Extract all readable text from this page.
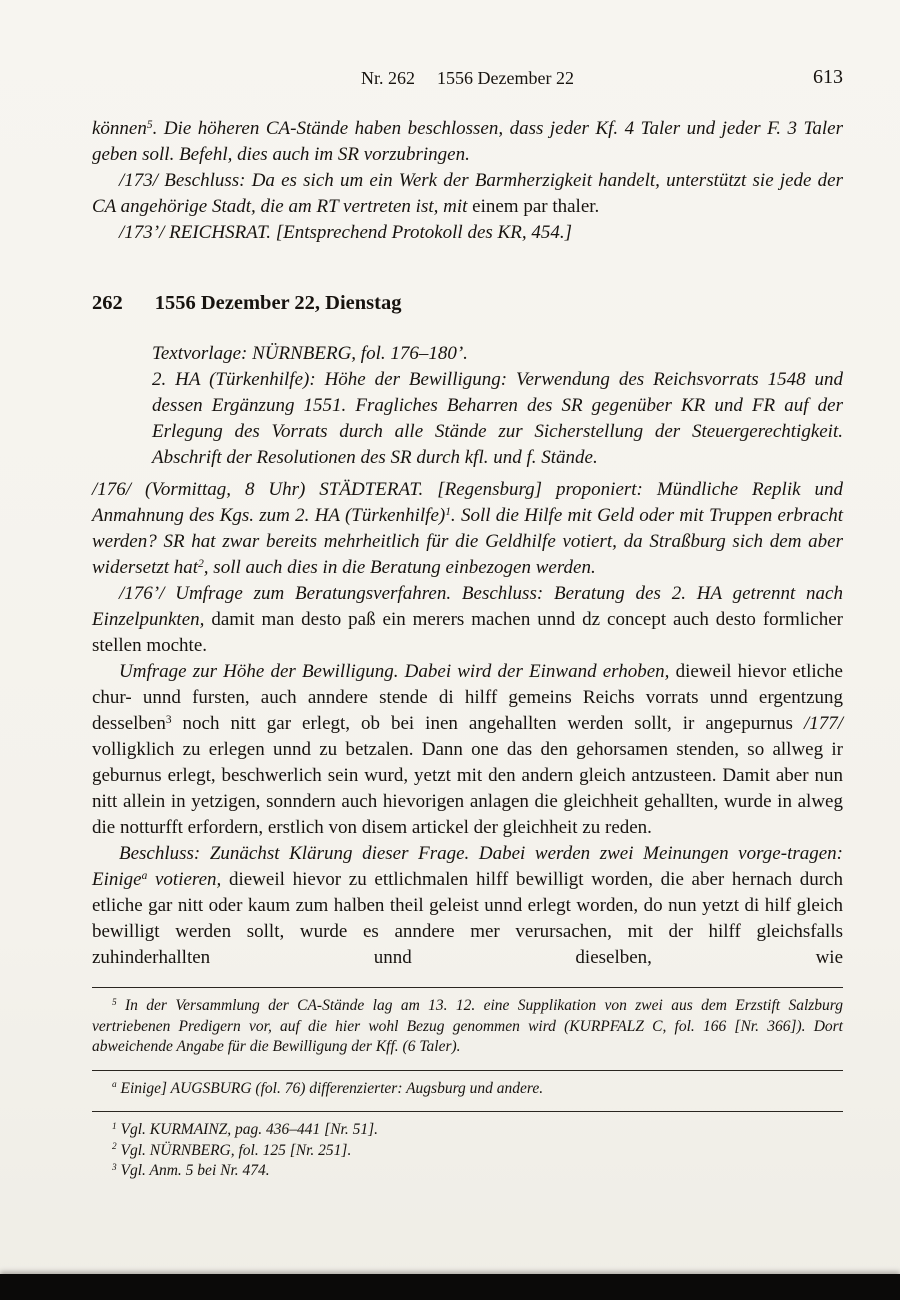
Nr. 262 1556 Dezember 22	613

können$^5$. Die höheren CA-Stände haben beschlossen, dass jeder Kf. 4 Taler und jeder F. 3 Taler geben soll. Befehl, dies auch im SR vorzubringen.

/173/ Beschluss: Da es sich um ein Werk der Barmherzigkeit handelt, unterstützt sie jede der CA angehörige Stadt, die am RT vertreten ist, mit einem par thaler.

/173’/ REICHSRAT. [Entsprechend Protokoll des KR, 454.]

262 1556 Dezember 22, Dienstag

Textvorlage: NÜRNBERG, fol. 176–180’.

2. HA (Türkenhilfe): Höhe der Bewilligung: Verwendung des Reichsvorrats 1548 und dessen Ergänzung 1551. Fragliches Beharren des SR gegenüber KR und FR auf der Erlegung des Vorrats durch alle Stände zur Sicherstellung der Steuergerechtigkeit. Abschrift der Resolutionen des SR durch kfl. und f. Stände.

/176/ (Vormittag, 8 Uhr) STÄDTERAT. [Regensburg] proponiert: Mündliche Replik und Anmahnung des Kgs. zum 2. HA (Türkenhilfe)$^1$. Soll die Hilfe mit Geld oder mit Truppen erbracht werden? SR hat zwar bereits mehrheitlich für die Geldhilfe votiert, da Straßburg sich dem aber widersetzt hat$^2$, soll auch dies in die Beratung einbezogen werden.

/176’/ Umfrage zum Beratungsverfahren. Beschluss: Beratung des 2. HA getrennt nach Einzelpunkten, damit man desto paß ein merers machen unnd dz concept auch desto formlicher stellen mochte.

Umfrage zur Höhe der Bewilligung. Dabei wird der Einwand erhoben, dieweil hievor etliche chur- unnd fursten, auch anndere stende di hilff gemeins Reichs vorrats unnd ergentzung desselben$^3$ noch nitt gar erlegt, ob bei inen angehallten werden sollt, ir angepurnus /177/ volligklich zu erlegen unnd zu betzalen. Dann one das den gehorsamen stenden, so allweg ir geburnus erlegt, beschwerlich sein wurd, yetzt mit den andern gleich antzusteen. Damit aber nun nitt allein in yetzigen, sonndern auch hievorigen anlagen die gleichheit gehallten, wurde in alweg die notturfft erfordern, erstlich von disem artickel der gleichheit zu reden.

Beschluss: Zunächst Klärung dieser Frage. Dabei werden zwei Meinungen vorge-tragen: Einige$^a$ votieren, dieweil hievor zu ettlichmalen hilff bewilligt worden, die aber hernach durch etliche gar nitt oder kaum zum halben theil geleist unnd erlegt worden, do nun yetzt di hilf gleich bewilligt werden sollt, wurde es anndere mer verursachen, mit der hilff gleichsfalls zuhinderhallten unnd dieselben, wie

$^5$ In der Versammlung der CA-Stände lag am 13. 12. eine Supplikation von zwei aus dem Erzstift Salzburg vertriebenen Predigern vor, auf die hier wohl Bezug genommen wird (KURPFALZ C, fol. 166 [Nr. 366]). Dort abweichende Angabe für die Bewilligung der Kff. (6 Taler).

$^a$ Einige] AUGSBURG (fol. 76) differenzierter: Augsburg und andere.

$^1$ Vgl. KURMAINZ, pag. 436–441 [Nr. 51].

$^2$ Vgl. NÜRNBERG, fol. 125 [Nr. 251].

$^3$ Vgl. Anm. 5 bei Nr. 474.
